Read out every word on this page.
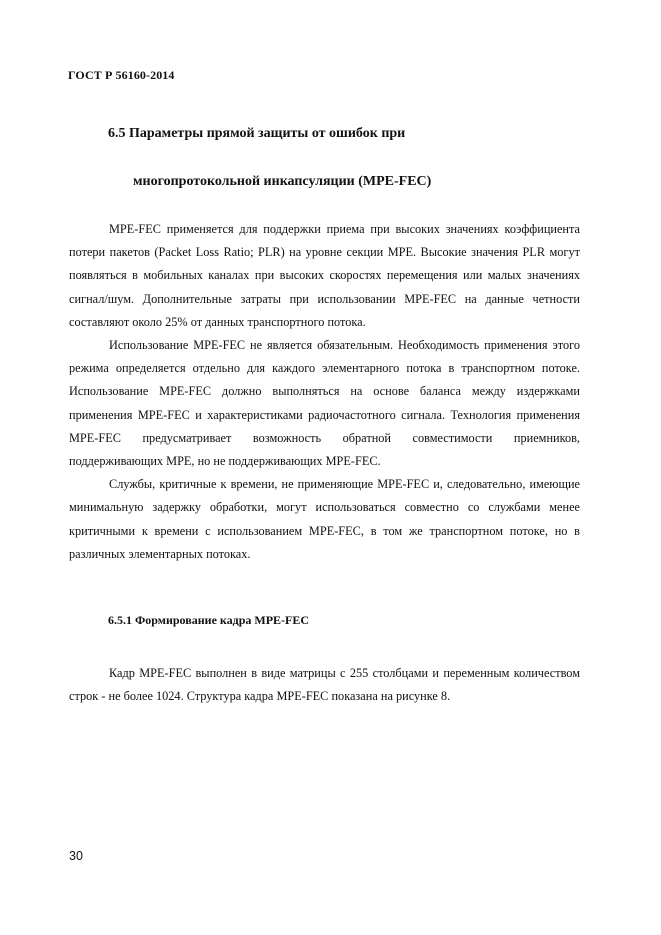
ГОСТ Р 56160-2014
6.5 Параметры прямой защиты от ошибок при
многопротокольной инкапсуляции (MPE-FEC)

MPE-FEC применяется для поддержки приема при высоких значениях коэффициента потери пакетов (Packet Loss Ratio; PLR) на уровне секции MPE. Высокие значения PLR могут появляться в мобильных каналах при высоких скоростях перемещения или малых значениях сигнал/шум. Дополнительные затраты при использовании MPE-FEC на данные четности составляют около 25% от данных транспортного потока.

Использование MPE-FEC не является обязательным. Необходимость применения этого режима определяется отдельно для каждого элементарного потока в транспортном потоке. Использование MPE-FEC должно выполняться на основе баланса между издержками применения MPE-FEC и характеристиками радиочастотного сигнала. Технология применения MPE-FEC предусматривает возможность обратной совместимости приемников, поддерживающих MPE, но не поддерживающих MPE-FEC.

Службы, критичные к времени, не применяющие MPE-FEC и, следовательно, имеющие минимальную задержку обработки, могут использоваться совместно со службами менее критичными к времени с использованием MPE-FEC, в том же транспортном потоке, но в различных элементарных потоках.

6.5.1 Формирование кадра MPE-FEC

Кадр MPE-FEC выполнен в виде матрицы с 255 столбцами и переменным количеством строк - не более 1024. Структура кадра MPE-FEC показана на рисунке 8.

30
